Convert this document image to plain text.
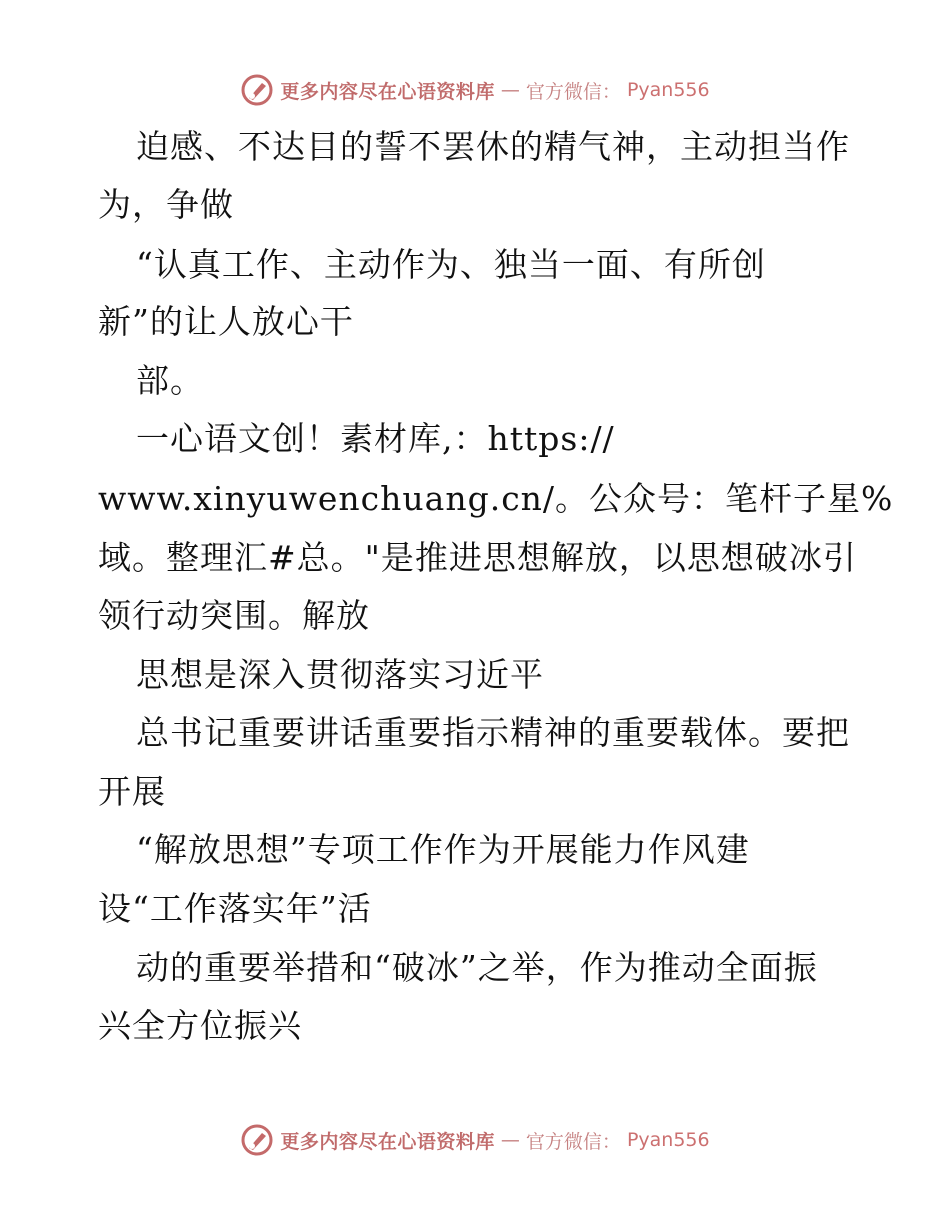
更多内容尽在心语资料库 — 官方微信： Pyan556
迫感、不达目的誓不罢休的精气神，主动担当作
为，争做
“认真工作、主动作为、独当一面、有所创
新”的让人放心干
部。
一心语文创！素材库,：https://
www.xinyuwenchuang.cn/。公众号：笔杆子星%
域。整理汇#总。"是推进思想解放，以思想破冰引
领行动突围。解放
思想是深入贯彻落实习近平
总书记重要讲话重要指示精神的重要载体。要把
开展
“解放思想”专项工作作为开展能力作风建
设“工作落实年”活
动的重要举措和“破冰”之举，作为推动全面振
兴全方位振兴
更多内容尽在心语资料库 — 官方微信： Pyan556
